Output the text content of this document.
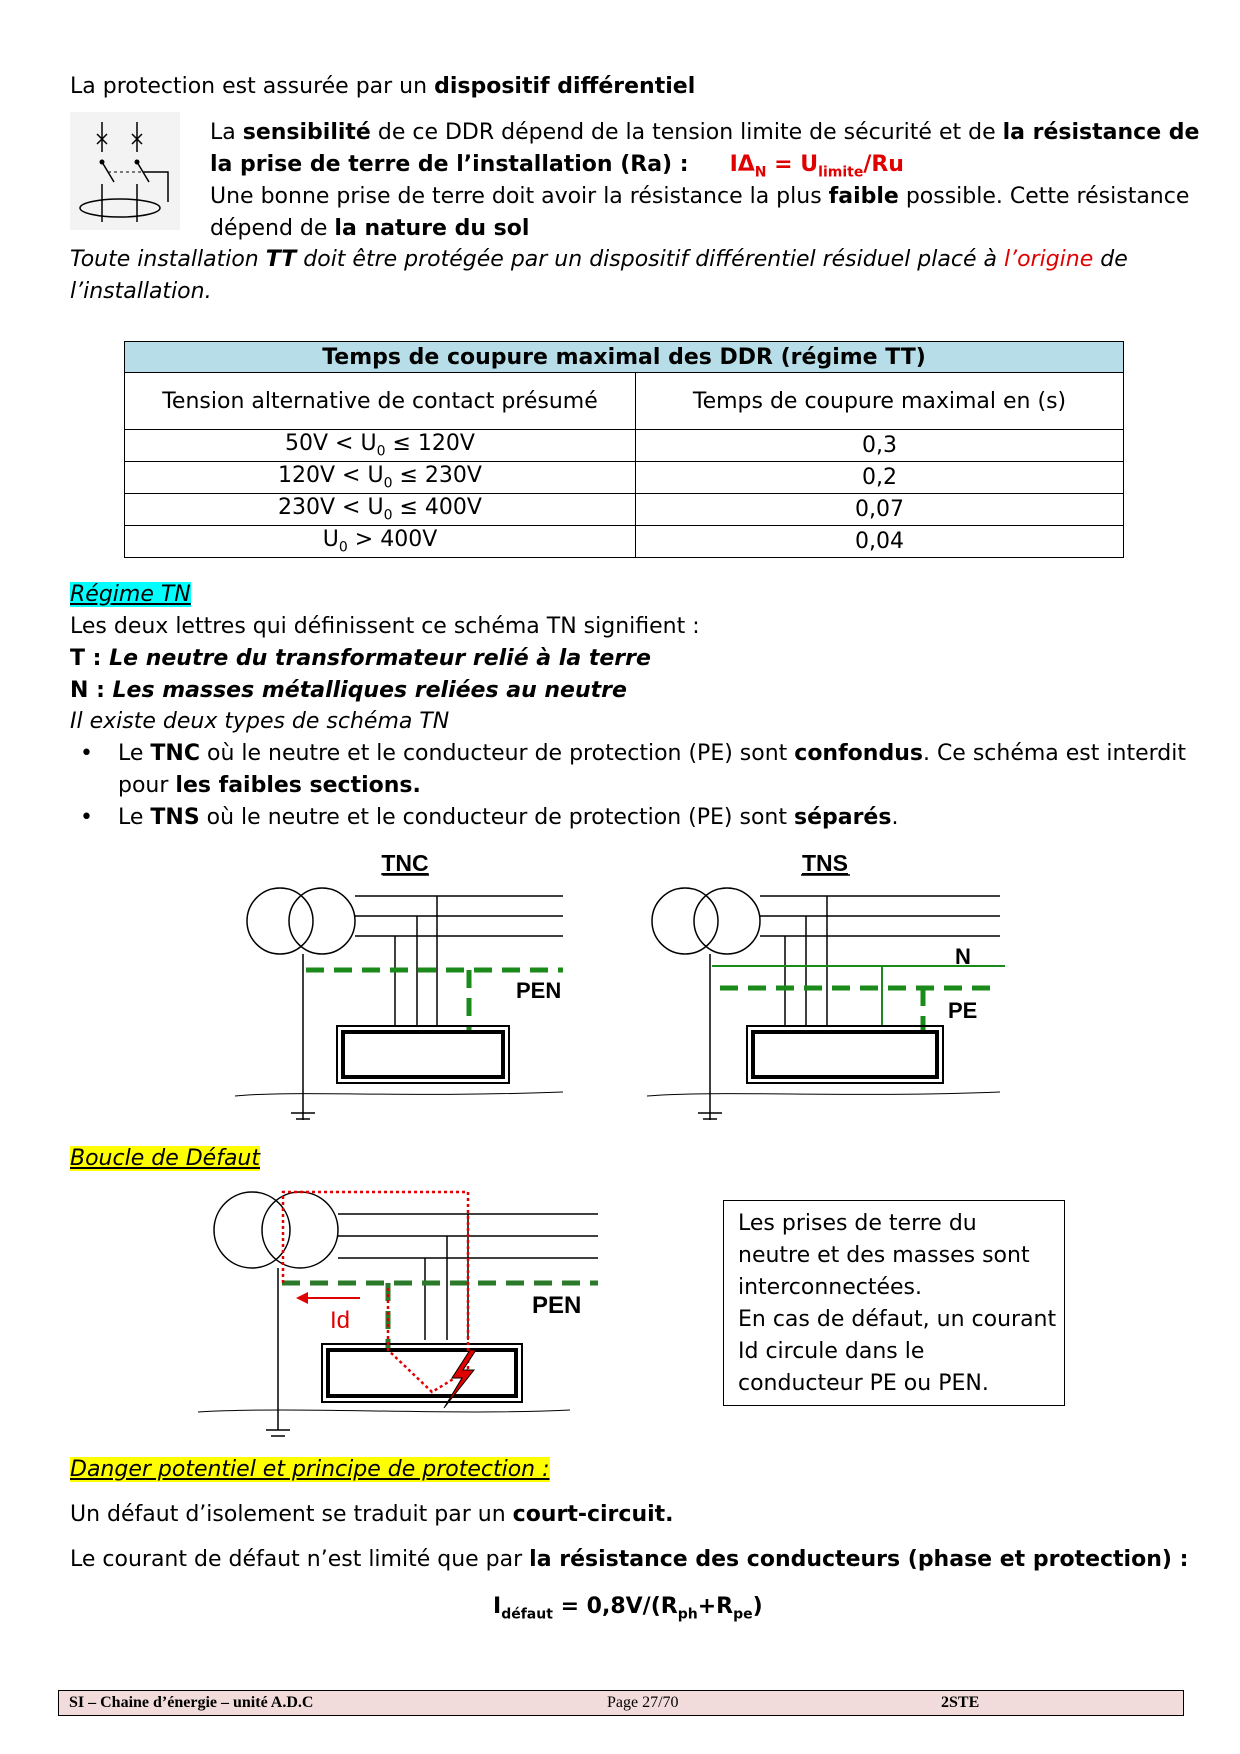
La protection est assurée par un dispositif différentiel
La sensibilité de ce DDR dépend de la tension limite de sécurité et de la résistance de
la prise de terre de l’installation (Ra) : $I\Delta_N = U_{limite}/Ru$
Une bonne prise de terre doit avoir la résistance la plus faible possible. Cette résistance
dépend de la nature du sol
Toute installation TT doit être protégée par un dispositif différentiel résiduel placé à l’origine de
l’installation.
Temps de coupure maximal des DDR (régime TT)	
Tension alternative de contact présumé	Temps de coupure maximal en (s)
$50V < U_0 \le 120V$	0,3
$120V < U_0 \le 230V$	0,2
$230V < U_0 \le 400V$	0,07
$U_0 > 400V$	0,04
Régime TN
Les deux lettres qui définissent ce schéma TN signifient :
T : Le neutre du transformateur relié à la terre
N : Les masses métalliques reliées au neutre
Il existe deux types de schéma TN
• Le TNC où le neutre et le conducteur de protection (PE) sont confondus. Ce schéma est interdit
pour les faibles sections.
• Le TNS où le neutre et le conducteur de protection (PE) sont séparés.
TNC
PEN
TNS
N
PE
Boucle de Défaut
Id
PEN
Les prises de terre du
neutre et des masses sont
interconnectées.
En cas de défaut, un courant
Id circule dans le
conducteur PE ou PEN.
Danger potentiel et principe de protection :
Un défaut d’isolement se traduit par un court-circuit.
Le courant de défaut n’est limité que par la résistance des conducteurs (phase et protection) :
$I_{défaut} = 0,8V/(R_{ph}+R_{pe})$
SI – Chaine d’énergie – unité A.D.C	Page 27/70	2STE
